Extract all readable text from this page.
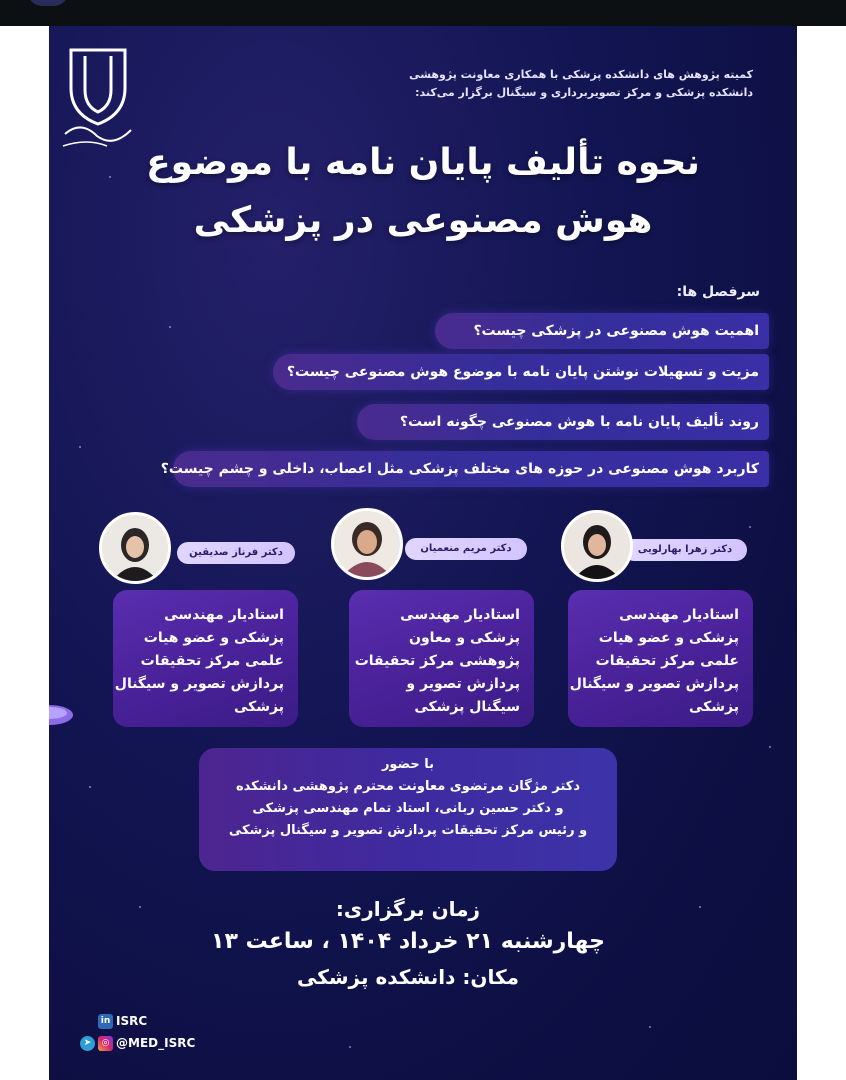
کمیته پژوهش های دانشکده پزشکی با همکاری معاونت پژوهشی
دانشکده پزشکی و مرکز تصویربرداری و سیگنال برگزار می‌کند:
نحوه تألیف پایان نامه با موضوع
هوش مصنوعی در پزشکی
سرفصل ها:
اهمیت هوش مصنوعی در پزشکی چیست؟
مزیت و تسهیلات نوشتن پایان نامه با موضوع هوش مصنوعی چیست؟
روند تألیف پایان نامه با هوش مصنوعی چگونه است؟
کاربرد هوش مصنوعی در حوزه های مختلف پزشکی مثل اعصاب، داخلی و چشم چیست؟
استادیار مهندسی
پزشکی و عضو هیات
علمی مرکز تحقیقات
پردازش تصویر و سیگنال
پزشکی
دکتر فرناز صدیقین
استادیار مهندسی
پزشکی و معاون
پژوهشی مرکز تحقیقات
پردازش تصویر و
سیگنال پزشکی
دکتر مریم منعمیان
استادیار مهندسی
پزشکی و عضو هیات
علمی مرکز تحقیقات
پردازش تصویر و سیگنال
پزشکی
دکتر زهرا بهارلویی
با حضور
دکتر مژگان مرتضوی معاونت محترم پژوهشی دانشکده
و دکتر حسین ربانی، استاد تمام مهندسی پزشکی
و رئیس مرکز تحقیقات پردازش تصویر و سیگنال پزشکی
زمان برگزاری:
چهارشنبه ۲۱ خرداد ۱۴۰۴ ، ساعت ۱۳
مکان: دانشکده پزشکی
in ISRC
➤ ◎ @MED_ISRC
